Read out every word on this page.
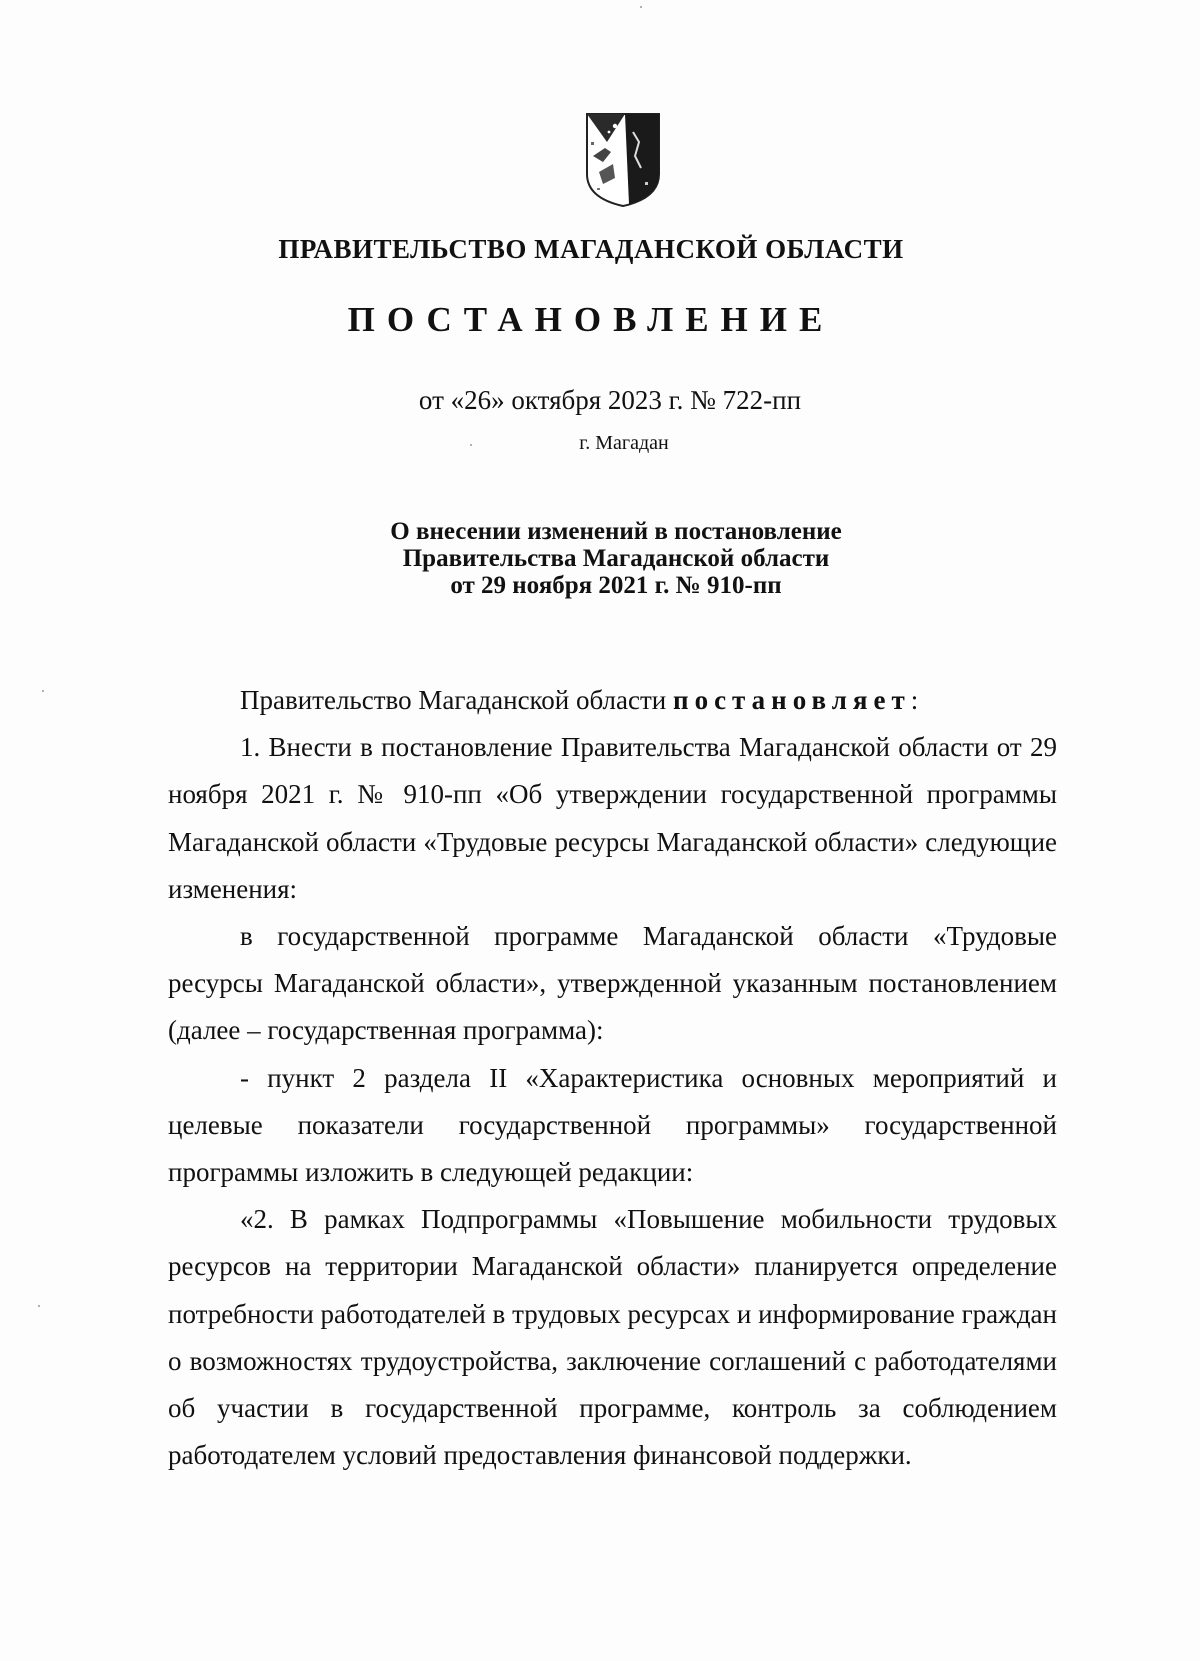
ПРАВИТЕЛЬСТВО МАГАДАНСКОЙ ОБЛАСТИ
ПОСТАНОВЛЕНИЕ
от «26» октября 2023 г. № 722-пп
г. Магадан
О внесении изменений в постановление
Правительства Магаданской области
от 29 ноября 2021 г. № 910-пп

Правительство Магаданской области постановляет:

1. Внести в постановление Правительства Магаданской области от 29 ноября 2021 г. № 910-пп «Об утверждении государственной программы Магаданской области «Трудовые ресурсы Магаданской области» следующие изменения:

в государственной программе Магаданской области «Трудовые ресурсы Магаданской области», утвержденной указанным постановлением (далее – государственная программа):

- пункт 2 раздела II «Характеристика основных мероприятий и целевые показатели государственной программы» государственной программы изложить в следующей редакции:

«2. В рамках Подпрограммы «Повышение мобильности трудовых ресурсов на территории Магаданской области» планируется определение потребности работодателей в трудовых ресурсах и информирование граждан о возможностях трудоустройства, заключение соглашений с работодателями об участии в государственной программе, контроль за соблюдением работодателем условий предоставления финансовой поддержки.
